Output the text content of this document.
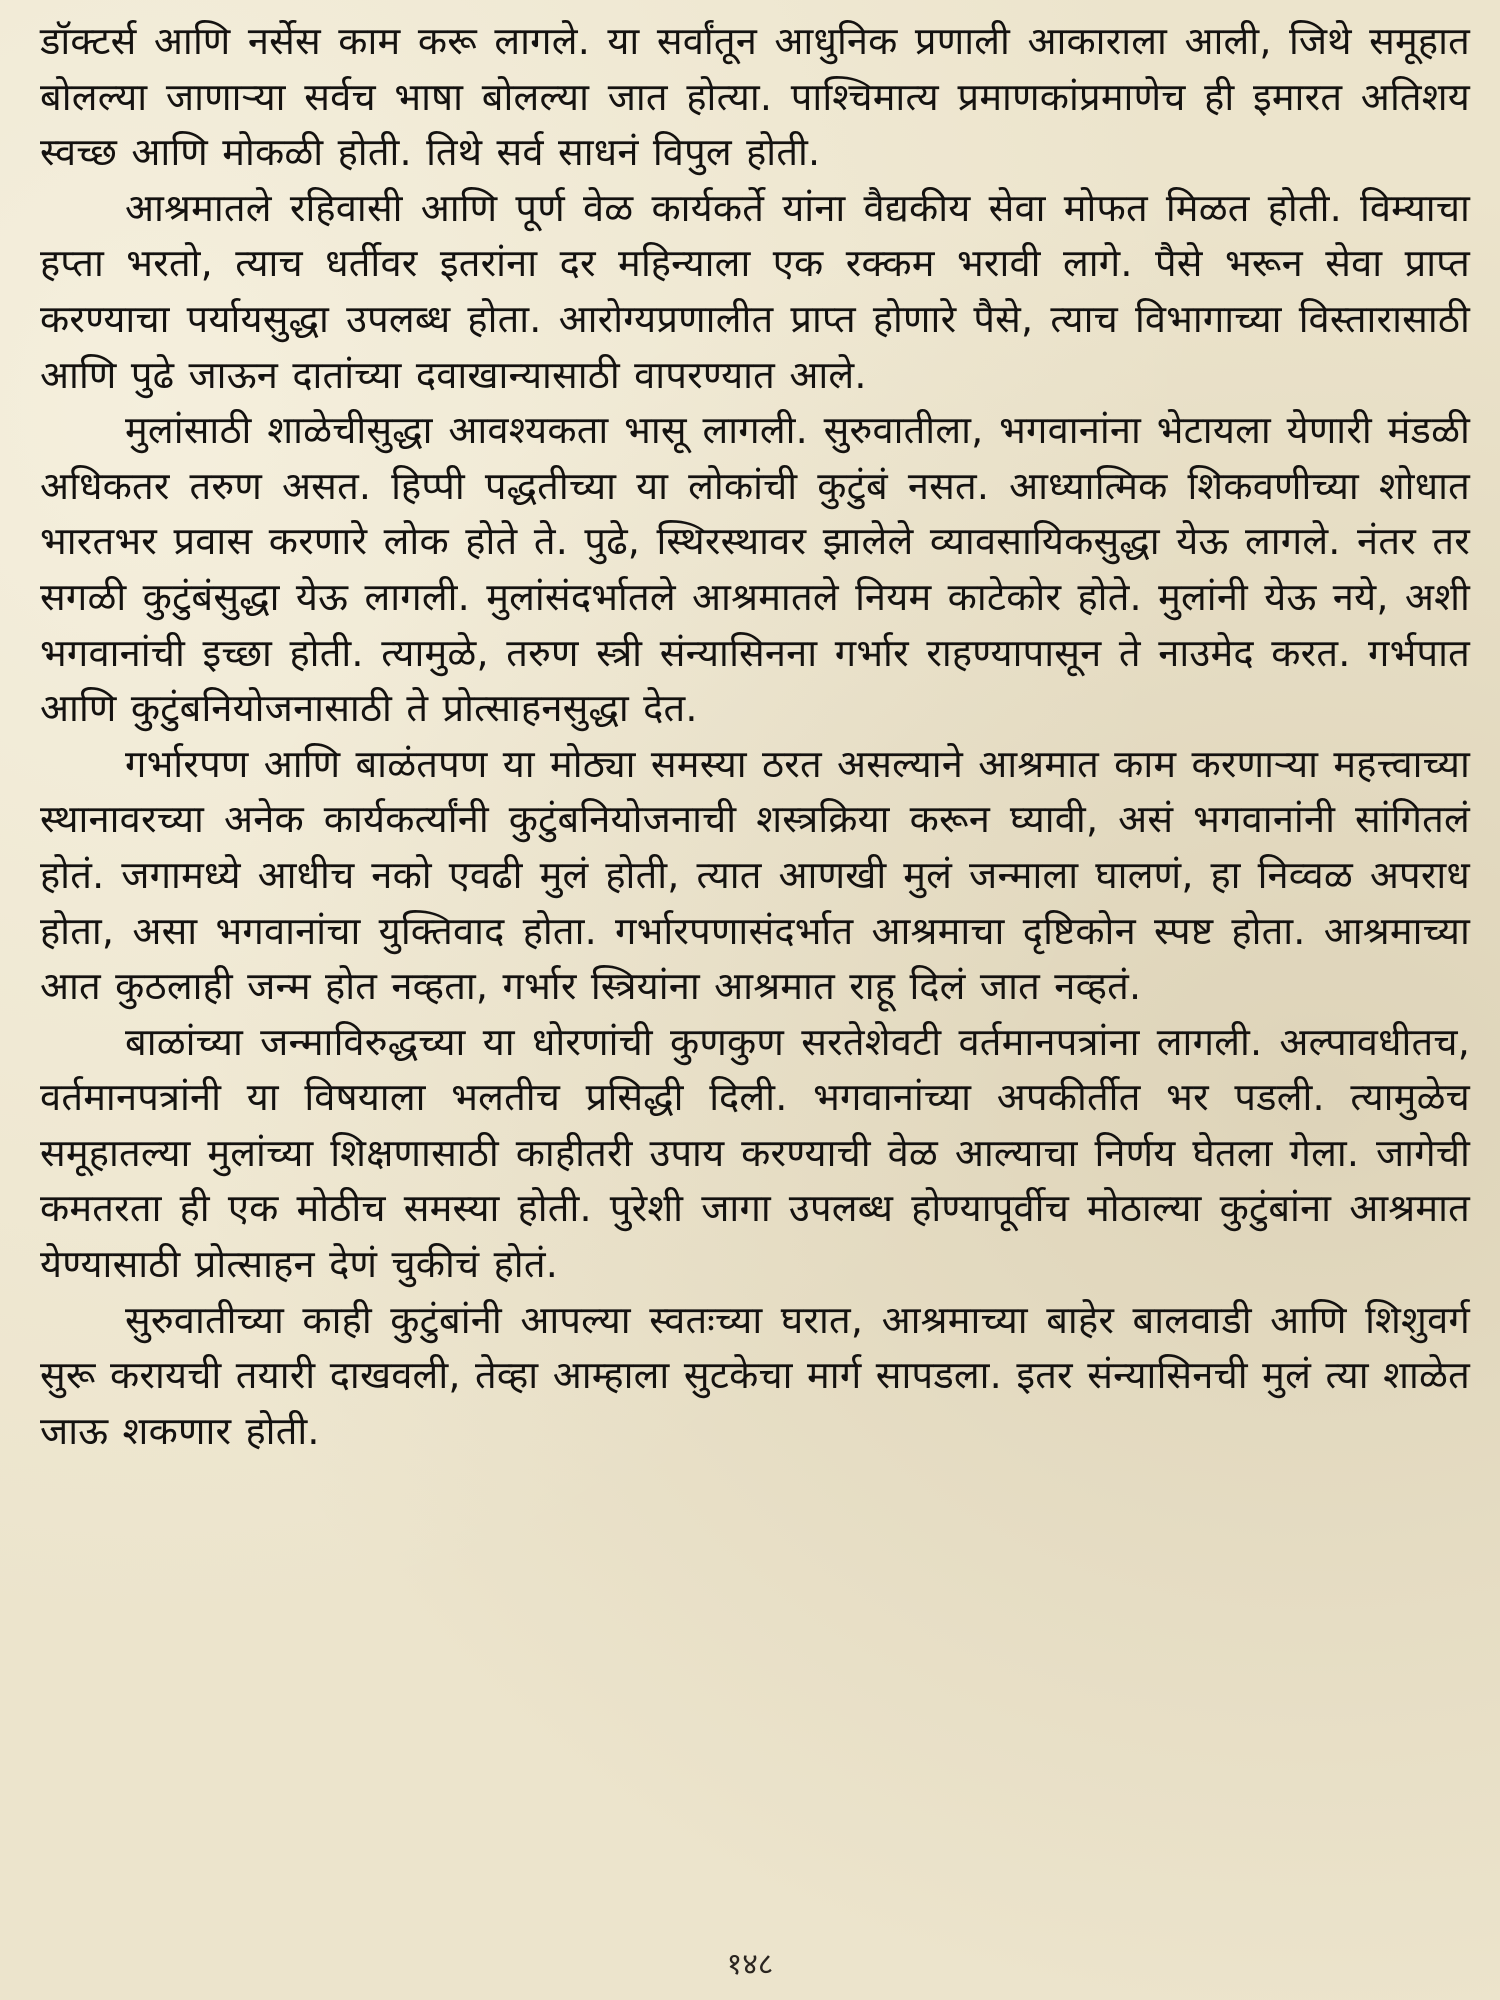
डॉक्टर्स आणि नर्सेस काम करू लागले. या सर्वांतून आधुनिक प्रणाली आकाराला आली, जिथे समूहात बोलल्या जाणाऱ्या सर्वच भाषा बोलल्या जात होत्या. पाश्चिमात्य प्रमाणकांप्रमाणेच ही इमारत अतिशय स्वच्छ आणि मोकळी होती. तिथे सर्व साधनं विपुल होती.

आश्रमातले रहिवासी आणि पूर्ण वेळ कार्यकर्ते यांना वैद्यकीय सेवा मोफत मिळत होती. विम्याचा हप्ता भरतो, त्याच धर्तीवर इतरांना दर महिन्याला एक रक्कम भरावी लागे. पैसे भरून सेवा प्राप्त करण्याचा पर्यायसुद्धा उपलब्ध होता. आरोग्यप्रणालीत प्राप्त होणारे पैसे, त्याच विभागाच्या विस्तारासाठी आणि पुढे जाऊन दातांच्या दवाखान्यासाठी वापरण्यात आले.

मुलांसाठी शाळेचीसुद्धा आवश्यकता भासू लागली. सुरुवातीला, भगवानांना भेटायला येणारी मंडळी अधिकतर तरुण असत. हिप्पी पद्धतीच्या या लोकांची कुटुंबं नसत. आध्यात्मिक शिकवणीच्या शोधात भारतभर प्रवास करणारे लोक होते ते. पुढे, स्थिरस्थावर झालेले व्यावसायिकसुद्धा येऊ लागले. नंतर तर सगळी कुटुंबंसुद्धा येऊ लागली. मुलांसंदर्भातले आश्रमातले नियम काटेकोर होते. मुलांनी येऊ नये, अशी भगवानांची इच्छा होती. त्यामुळे, तरुण स्त्री संन्यासिनना गर्भार राहण्यापासून ते नाउमेद करत. गर्भपात आणि कुटुंबनियोजनासाठी ते प्रोत्साहनसुद्धा देत.

गर्भारपण आणि बाळंतपण या मोठ्या समस्या ठरत असल्याने आश्रमात काम करणाऱ्या महत्त्वाच्या स्थानावरच्या अनेक कार्यकर्त्यांनी कुटुंबनियोजनाची शस्त्रक्रिया करून घ्यावी, असं भगवानांनी सांगितलं होतं. जगामध्ये आधीच नको एवढी मुलं होती, त्यात आणखी मुलं जन्माला घालणं, हा निव्वळ अपराध होता, असा भगवानांचा युक्तिवाद होता. गर्भारपणासंदर्भात आश्रमाचा दृष्टिकोन स्पष्ट होता. आश्रमाच्या आत कुठलाही जन्म होत नव्हता, गर्भार स्त्रियांना आश्रमात राहू दिलं जात नव्हतं.

बाळांच्या जन्माविरुद्धच्या या धोरणांची कुणकुण सरतेशेवटी वर्तमानपत्रांना लागली. अल्पावधीतच, वर्तमानपत्रांनी या विषयाला भलतीच प्रसिद्धी दिली. भगवानांच्या अपकीर्तीत भर पडली. त्यामुळेच समूहातल्या मुलांच्या शिक्षणासाठी काहीतरी उपाय करण्याची वेळ आल्याचा निर्णय घेतला गेला. जागेची कमतरता ही एक मोठीच समस्या होती. पुरेशी जागा उपलब्ध होण्यापूर्वीच मोठाल्या कुटुंबांना आश्रमात येण्यासाठी प्रोत्साहन देणं चुकीचं होतं.

सुरुवातीच्या काही कुटुंबांनी आपल्या स्वतःच्या घरात, आश्रमाच्या बाहेर बालवाडी आणि शिशुवर्ग सुरू करायची तयारी दाखवली, तेव्हा आम्हाला सुटकेचा मार्ग सापडला. इतर संन्यासिनची मुलं त्या शाळेत जाऊ शकणार होती.

१४८
